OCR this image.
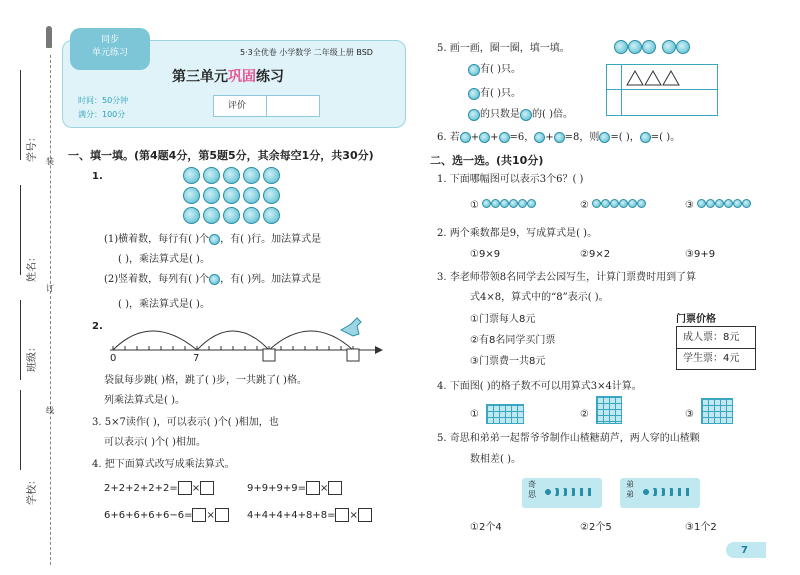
装
订
线
学号：
姓名：
班级：
学校：
同步
单元练习	5·3全优卷 小学数学 二年级上册 BSD
第三单元巩固练习
时间：50分钟
满分：100分
评价
一、填一填。(第4题4分，第5题5分，其余每空1分，共30分)
1.
(1)横着数，每行有( )个 ，有( )行。加法算式是
( )，乘法算式是( )。
(2)竖着数，每列有( )个 ，有( )列。加法算式是
( )，乘法算式是( )。
2.
0	7
袋鼠每步跳( )格，跳了( )步，一共跳了( )格。
列乘法算式是( )。
3. 5×7读作( )，可以表示( )个( )相加，也
可以表示( )个( )相加。
4. 把下面算式改写成乘法算式。
2+2+2+2+2= ×	9+9+9+9= ×
6+6+6+6+6−6= ×	4+4+4+4+8+8= ×
5. 画一画，圈一圈，填一填。
有( )只。
有( )只。
的只数是 的( )倍。
6. 若 + + =6， + =8，则 =( )， =( )。
二、选一选。(共10分)
1. 下面哪幅图可以表示3个6？( )
①	②	③
2. 两个乘数都是9，写成算式是( )。
①9×9	②9×2	③9+9
3. 李老师带领8名同学去公园写生，计算门票费时用到了算
式4×8，算式中的“8”表示( )。
①门票每人8元
②有8名同学买门票
③门票费一共8元
门票价格
成人票：8元
学生票：4元
4. 下面图( )的格子数不可以用算式3×4计算。
①	②	③
5. 奇思和弟弟一起帮爷爷制作山楂糖葫芦，两人穿的山楂颗
数相差( )。
奇思
弟弟
①2个4	②2个5	③1个2
7
